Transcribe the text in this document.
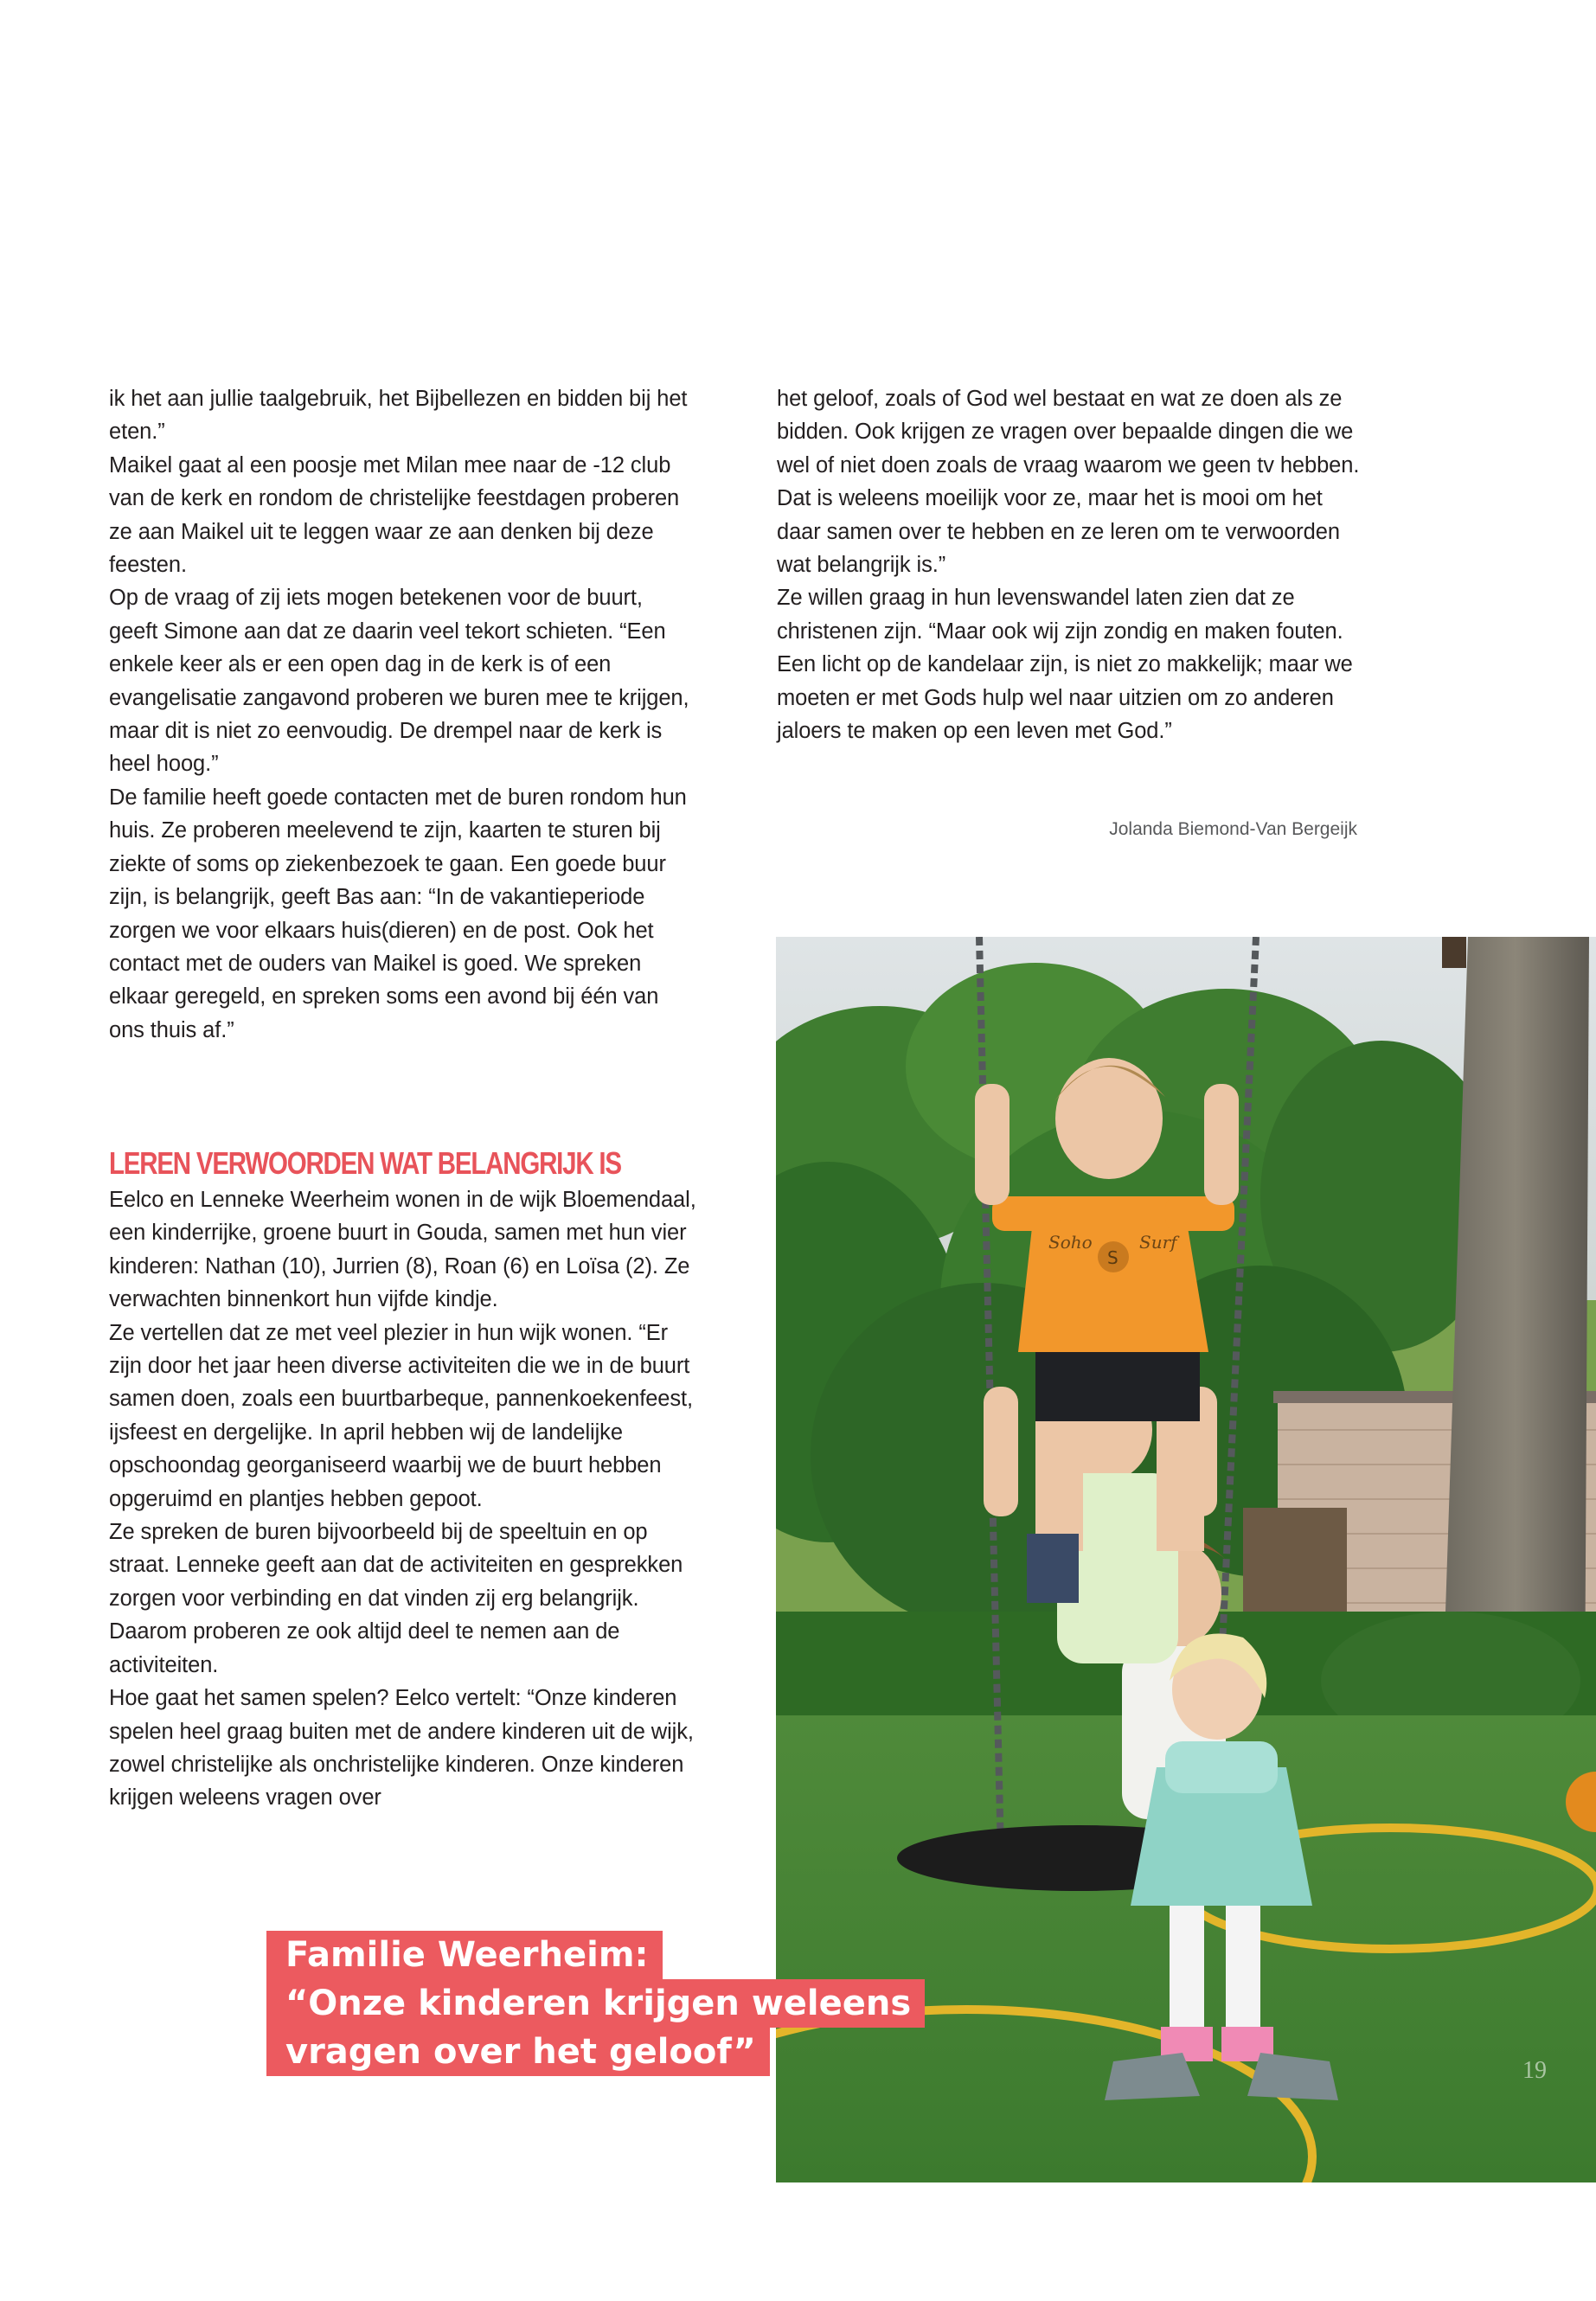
ik het aan jullie taalgebruik, het Bijbellezen en bidden bij het eten.”

Maikel gaat al een poosje met Milan mee naar de -12 club van de kerk en rondom de christelijke feestdagen proberen ze aan Maikel uit te leggen waar ze aan denken bij deze feesten.

Op de vraag of zij iets mogen betekenen voor de buurt, geeft Simone aan dat ze daarin veel tekort schieten. “Een enkele keer als er een open dag in de kerk is of een evangelisatie zangavond proberen we buren mee te krijgen, maar dit is niet zo eenvoudig. De drempel naar de kerk is heel hoog.”

De familie heeft goede contacten met de buren rondom hun huis. Ze proberen meelevend te zijn, kaarten te sturen bij ziekte of soms op ziekenbezoek te gaan. Een goede buur zijn, is belangrijk, geeft Bas aan: “In de vakantieperiode zorgen we voor elkaars huis(dieren) en de post. Ook het contact met de ouders van Maikel is goed. We spreken elkaar geregeld, en spreken soms een avond bij één van ons thuis af.”

LEREN VERWOORDEN WAT BELANGRIJK IS

Eelco en Lenneke Weerheim wonen in de wijk Bloemendaal, een kinderrijke, groene buurt in Gouda, samen met hun vier kinderen: Nathan (10), Jurrien (8), Roan (6) en Loïsa (2). Ze verwachten binnenkort hun vijfde kindje.

Ze vertellen dat ze met veel plezier in hun wijk wonen. “Er zijn door het jaar heen diverse activiteiten die we in de buurt samen doen, zoals een buurtbarbeque, pannenkoekenfeest, ijsfeest en dergelijke. In april hebben wij de landelijke opschoondag georganiseerd waarbij we de buurt hebben opgeruimd en plantjes hebben gepoot.

Ze spreken de buren bijvoorbeeld bij de speeltuin en op straat. Lenneke geeft aan dat de activiteiten en gesprekken zorgen voor verbinding en dat vinden zij erg belangrijk. Daarom proberen ze ook altijd deel te nemen aan de activiteiten.

Hoe gaat het samen spelen? Eelco vertelt: “Onze kinderen spelen heel graag buiten met de andere kinderen uit de wijk, zowel christelijke als onchristelijke kinderen. Onze kinderen krijgen weleens vragen over

het geloof, zoals of God wel bestaat en wat ze doen als ze bidden. Ook krijgen ze vragen over bepaalde dingen die we wel of niet doen zoals de vraag waarom we geen tv hebben. Dat is weleens moeilijk voor ze, maar het is mooi om het daar samen over te hebben en ze leren om te verwoorden wat belangrijk is.”

Ze willen graag in hun levenswandel laten zien dat ze christenen zijn. “Maar ook wij zijn zondig en maken fouten. Een licht op de kandelaar zijn, is niet zo makkelijk; maar we moeten er met Gods hulp wel naar uitzien om zo anderen jaloers te maken op een leven met God.”

Jolanda Biemond-Van Bergeijk
S
Soho	Surf
Familie Weerheim:
“Onze kinderen krijgen weleens
vragen over het geloof”	19
